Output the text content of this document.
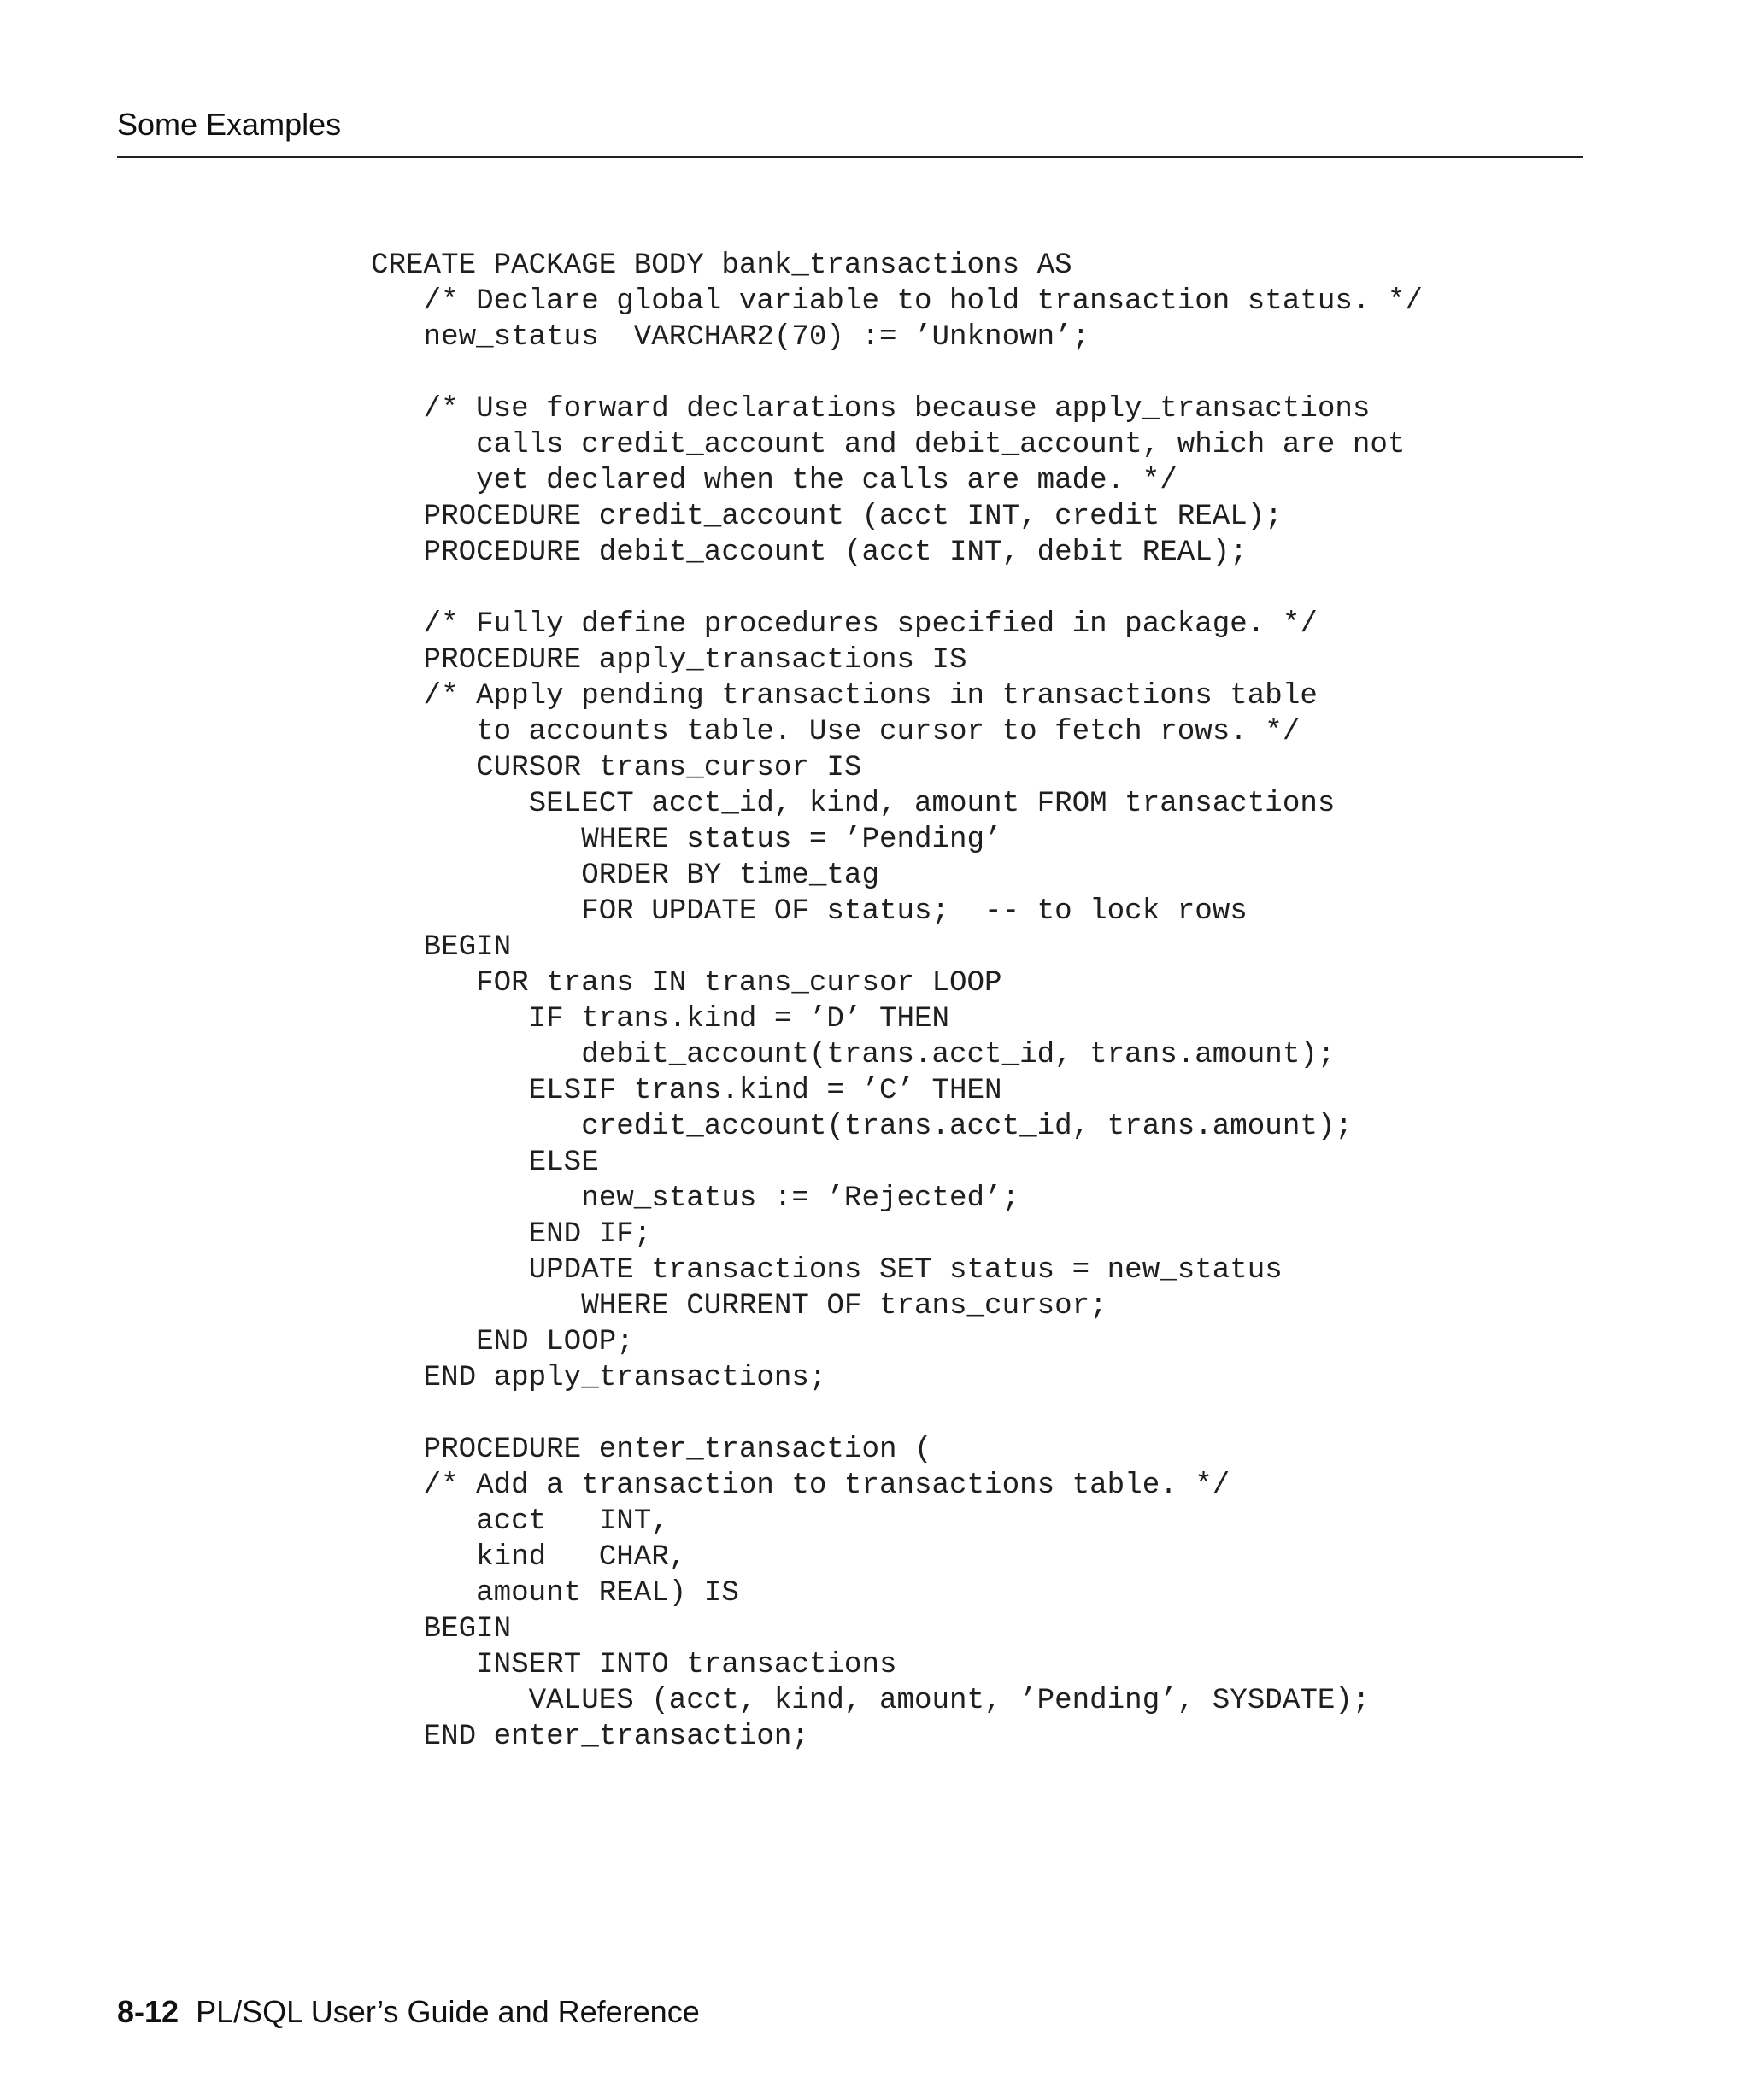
Some Examples
CREATE PACKAGE BODY bank_transactions AS
/* Declare global variable to hold transaction status. */
new_status  VARCHAR2(70) := ’Unknown’;
/* Use forward declarations because apply_transactions
calls credit_account and debit_account, which are not
yet declared when the calls are made. */
PROCEDURE credit_account (acct INT, credit REAL);
PROCEDURE debit_account (acct INT, debit REAL);
/* Fully define procedures specified in package. */
PROCEDURE apply_transactions IS
/* Apply pending transactions in transactions table
to accounts table. Use cursor to fetch rows. */
CURSOR trans_cursor IS
SELECT acct_id, kind, amount FROM transactions
WHERE status = ’Pending’
ORDER BY time_tag
FOR UPDATE OF status;  -- to lock rows
BEGIN
FOR trans IN trans_cursor LOOP
IF trans.kind = ’D’ THEN
debit_account(trans.acct_id, trans.amount);
ELSIF trans.kind = ’C’ THEN
credit_account(trans.acct_id, trans.amount);
ELSE
new_status := ’Rejected’;
END IF;
UPDATE transactions SET status = new_status
WHERE CURRENT OF trans_cursor;
END LOOP;
END apply_transactions;
PROCEDURE enter_transaction (
/* Add a transaction to transactions table. */
acct   INT,
kind   CHAR,
amount REAL) IS
BEGIN
INSERT INTO transactions
VALUES (acct, kind, amount, ’Pending’, SYSDATE);
END enter_transaction;
8-12 PL/SQL User’s Guide and Reference
